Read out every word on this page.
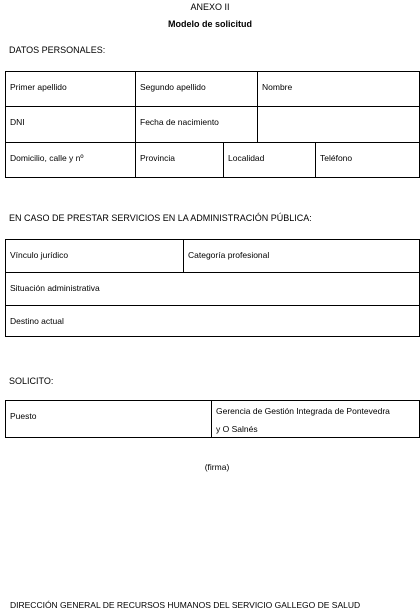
ANEXO II
Modelo de solicitud
DATOS PERSONALES:
Primer apellido	Segundo apellido	Nombre
DNI	Fecha de nacimiento
Domicilio, calle y nº	Provincia	Localidad	Teléfono
EN CASO DE PRESTAR SERVICIOS EN LA ADMINISTRACIÓN PÚBLICA:
Vínculo jurídico	Categoría profesional
Situación administrativa
Destino actual
SOLICITO:
Puesto	Gerencia de Gestión Integrada de Pontevedra
y O Salnés
(firma)
DIRECCIÓN GENERAL DE RECURSOS HUMANOS DEL SERVICIO GALLEGO DE SALUD
